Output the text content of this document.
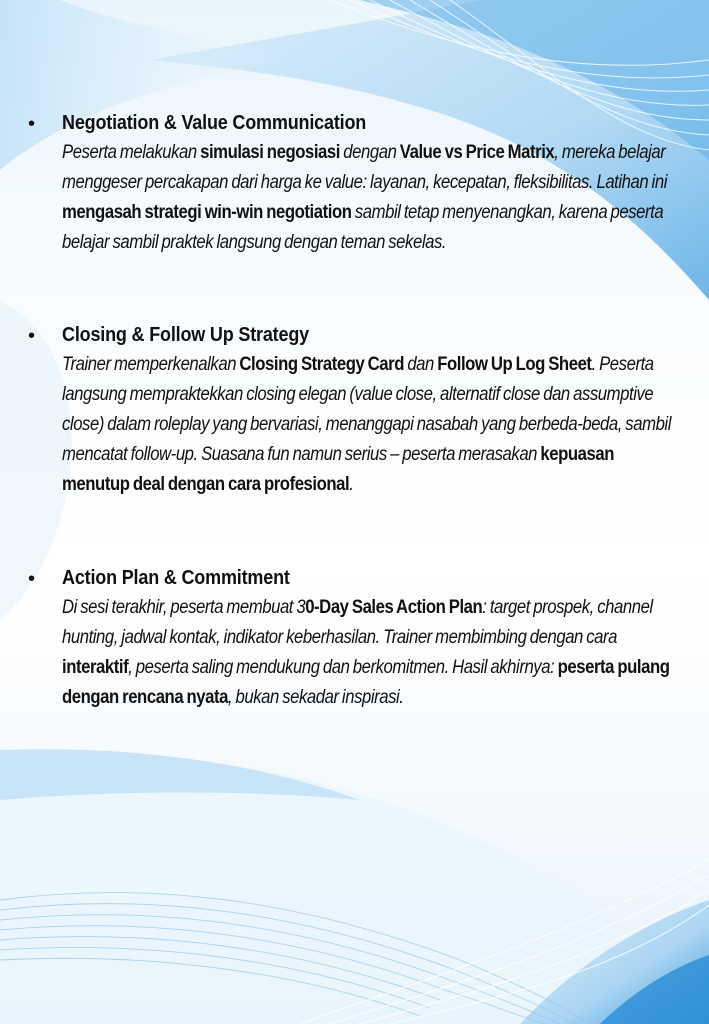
• Negotiation & Value Communication
Peserta melakukan simulasi negosiasi dengan Value vs Price Matrix, mereka belajar menggeser percakapan dari harga ke value: layanan, kecepatan, fleksibilitas. Latihan ini mengasah strategi win-win negotiation sambil tetap menyenangkan, karena peserta belajar sambil praktek langsung dengan teman sekelas.
• Closing & Follow Up Strategy
Trainer memperkenalkan Closing Strategy Card dan Follow Up Log Sheet. Peserta langsung mempraktekkan closing elegan (value close, alternatif close dan assumptive close) dalam roleplay yang bervariasi, menanggapi nasabah yang berbeda-beda, sambil mencatat follow-up. Suasana fun namun serius – peserta merasakan kepuasan menutup deal dengan cara profesional.
• Action Plan & Commitment
Di sesi terakhir, peserta membuat 30-Day Sales Action Plan: target prospek, channel hunting, jadwal kontak, indikator keberhasilan. Trainer membimbing dengan cara interaktif, peserta saling mendukung dan berkomitmen. Hasil akhirnya: peserta pulang dengan rencana nyata, bukan sekadar inspirasi.
